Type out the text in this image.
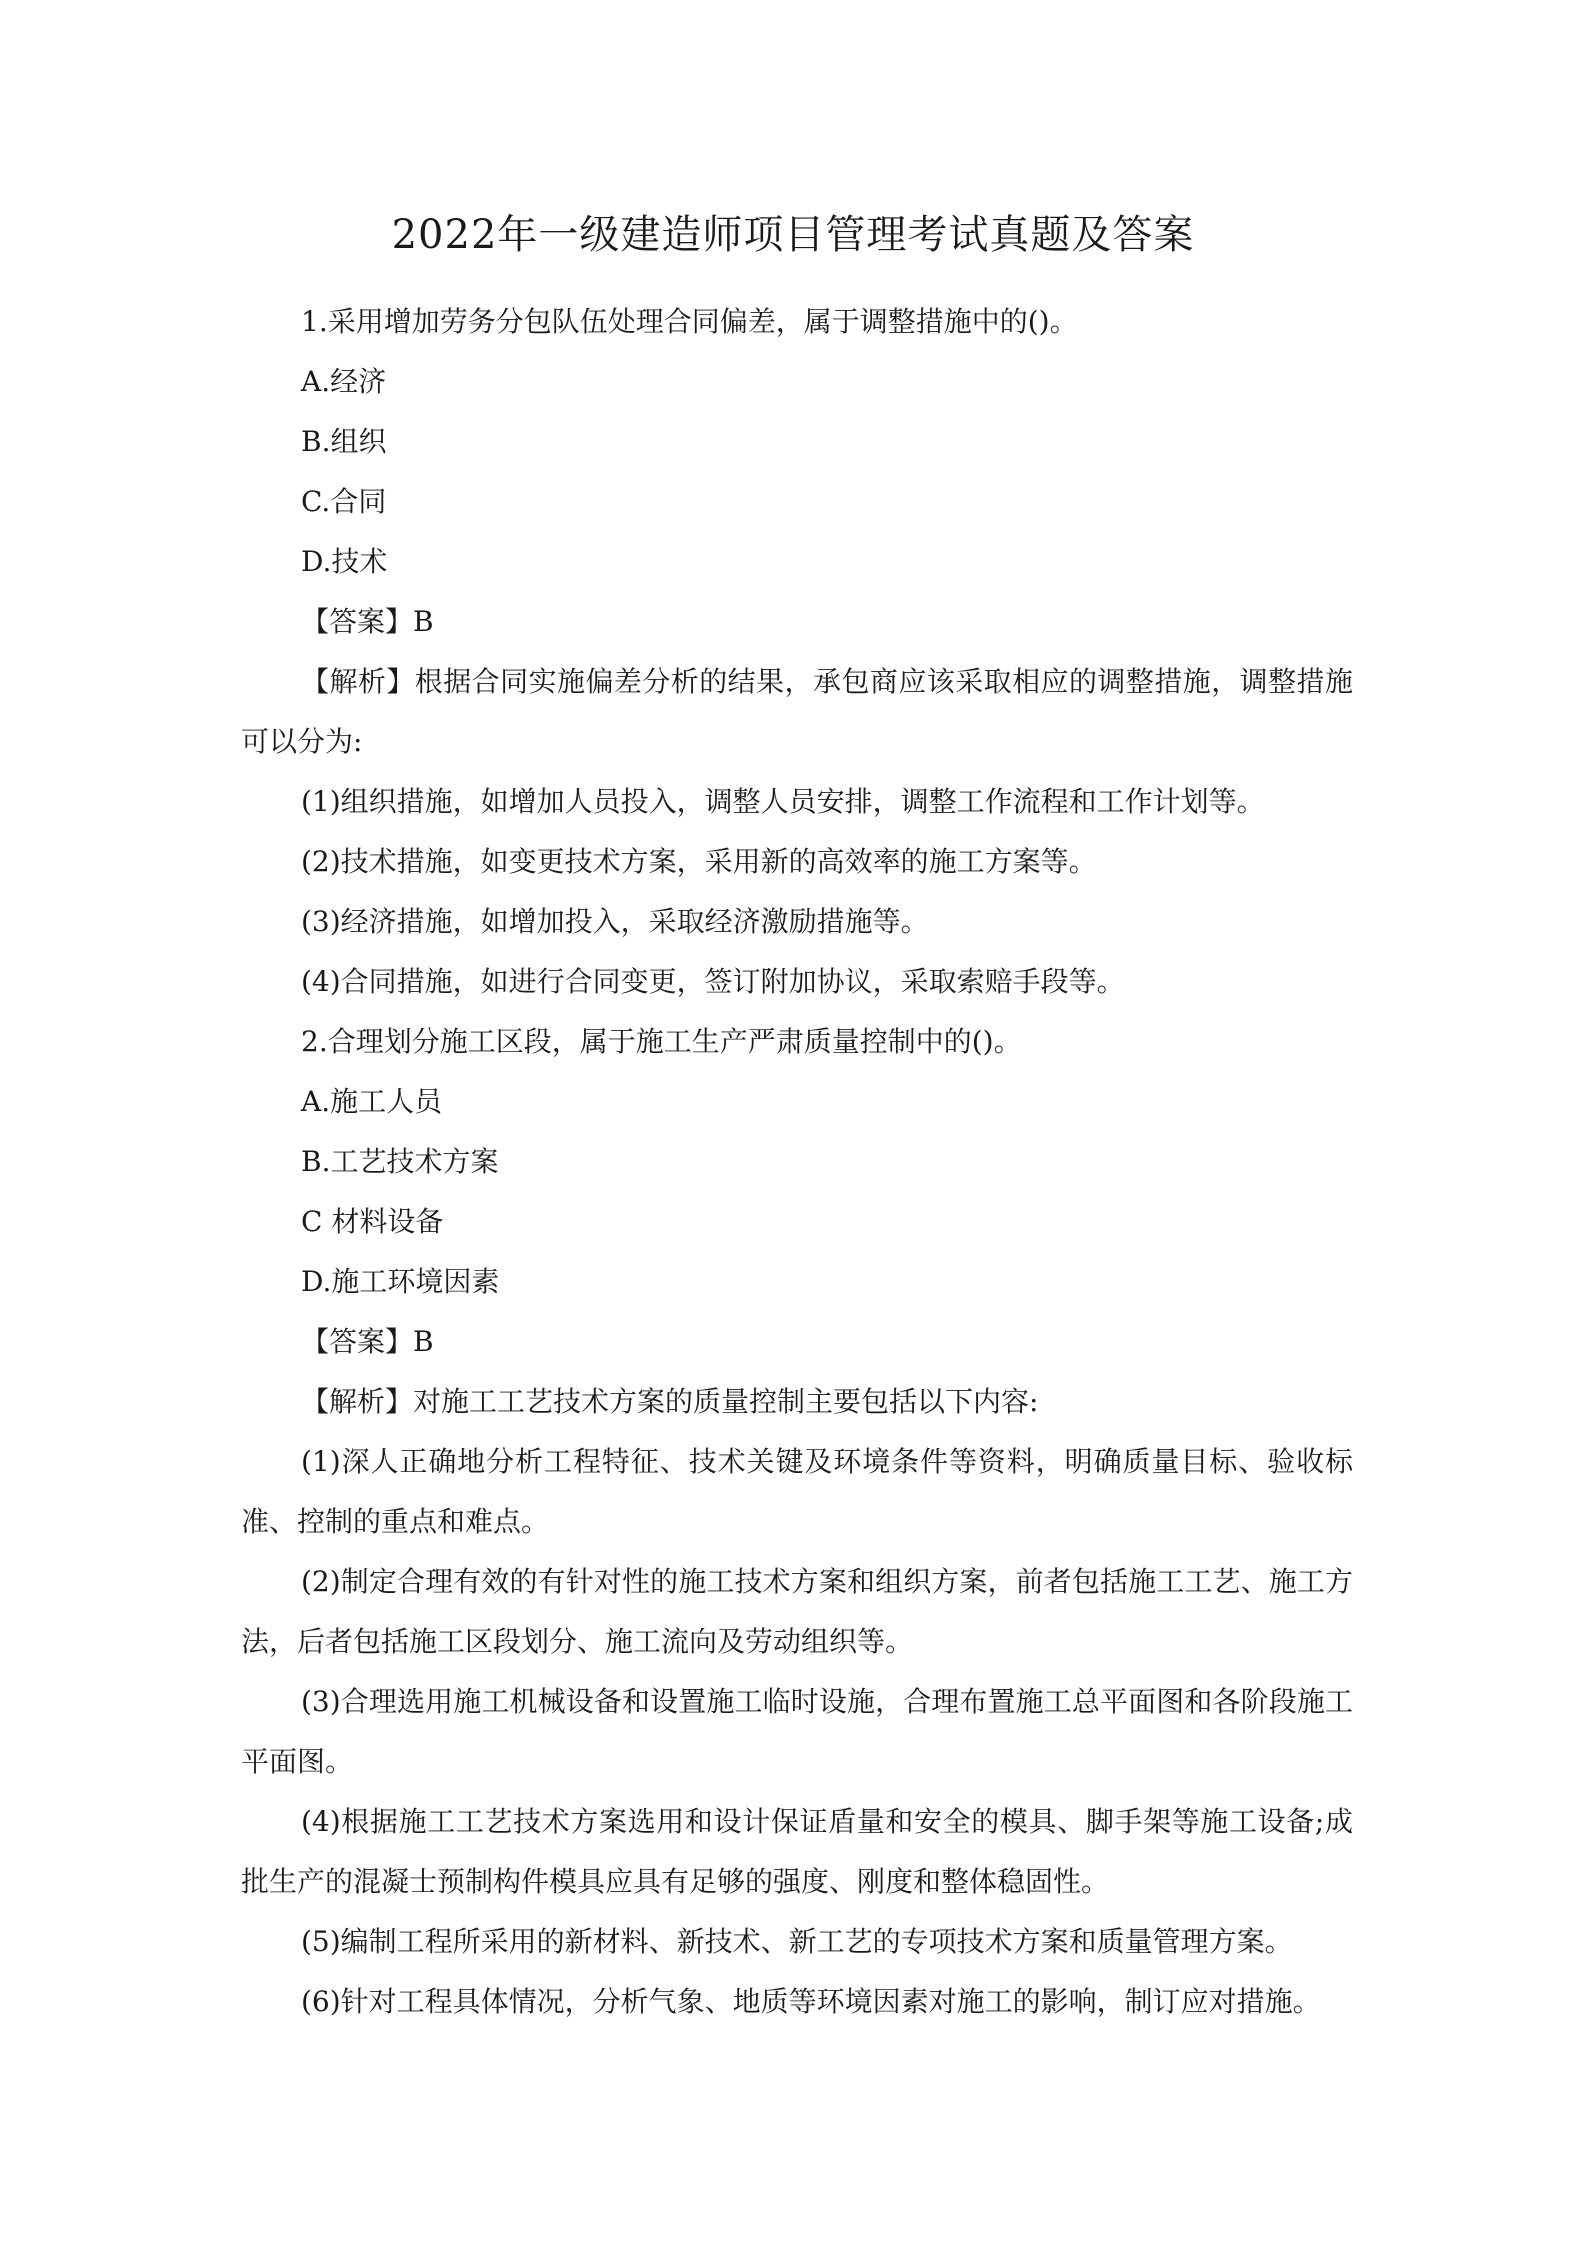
2022年一级建造师项目管理考试真题及答案

1.采用增加劳务分包队伍处理合同偏差，属于调整措施中的()。

A.经济

B.组织

C.合同

D.技术

【答案】B

【解析】根据合同实施偏差分析的结果，承包商应该采取相应的调整措施，调整措施可以分为:

(1)组织措施，如增加人员投入，调整人员安排，调整工作流程和工作计划等。

(2)技术措施，如变更技术方案，采用新的高效率的施工方案等。

(3)经济措施，如增加投入，采取经济激励措施等。

(4)合同措施，如进行合同变更，签订附加协议，采取索赔手段等。

2.合理划分施工区段，属于施工生产严肃质量控制中的()。

A.施工人员

B.工艺技术方案

C 材料设备

D.施工环境因素

【答案】B

【解析】对施工工艺技术方案的质量控制主要包括以下内容:

(1)深人正确地分析工程特征、技术关键及环境条件等资料，明确质量目标、验收标准、控制的重点和难点。

(2)制定合理有效的有针对性的施工技术方案和组织方案，前者包括施工工艺、施工方法，后者包括施工区段划分、施工流向及劳动组织等。

(3)合理选用施工机械设备和设置施工临时设施，合理布置施工总平面图和各阶段施工平面图。

(4)根据施工工艺技术方案选用和设计保证盾量和安全的模具、脚手架等施工设备;成批生产的混凝士预制构件模具应具有足够的强度、刚度和整体稳固性。

(5)编制工程所采用的新材料、新技术、新工艺的专项技术方案和质量管理方案。

(6)针对工程具体情况，分析气象、地质等环境因素对施工的影响，制订应对措施。
